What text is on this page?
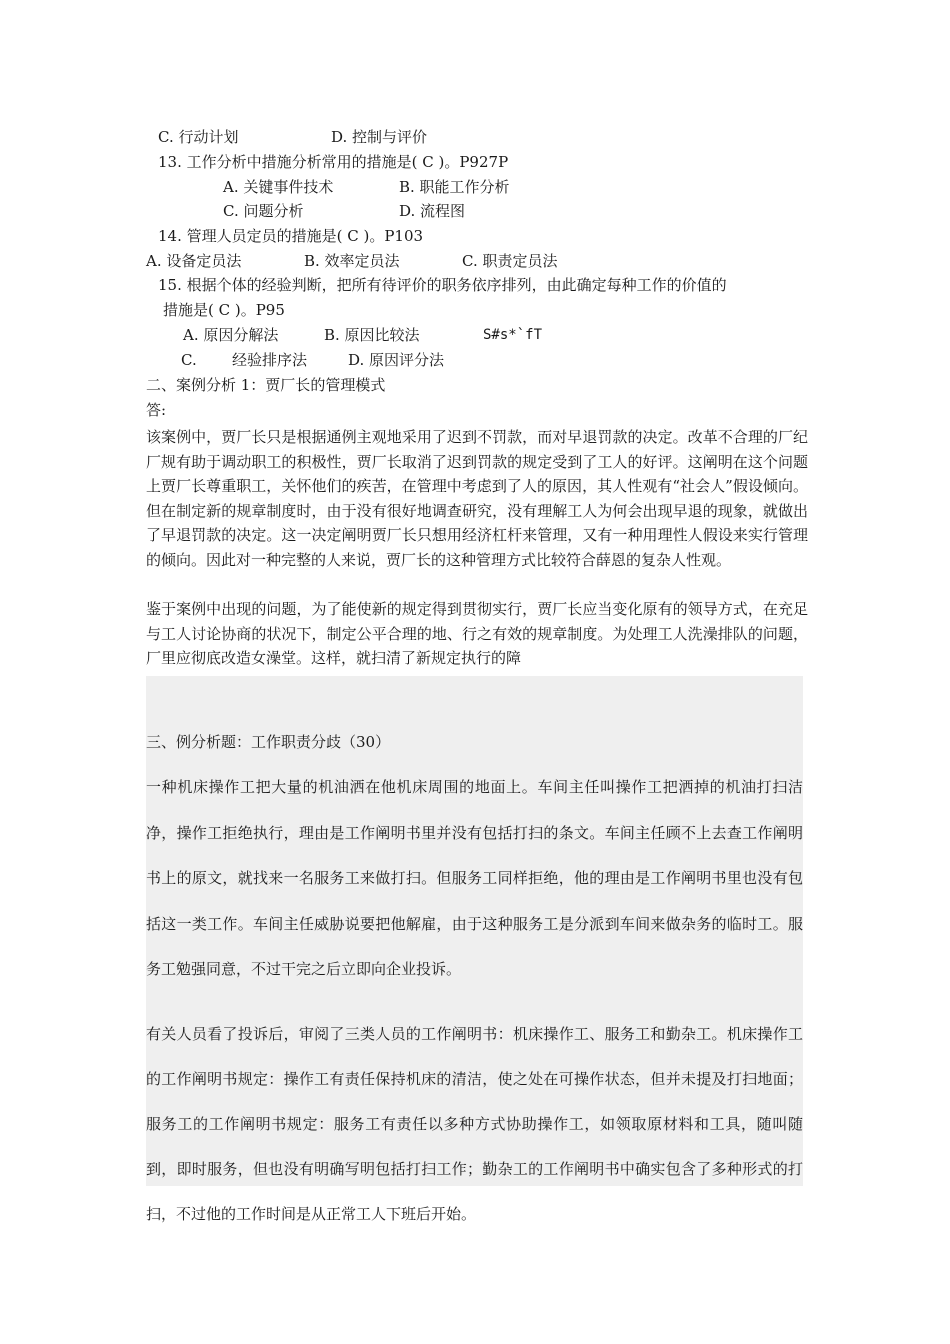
C. 行动计划	D. 控制与评价
13. 工作分析中措施分析常用的措施是( C )。P927P
A. 关键事件技术	B. 职能工作分析
C. 问题分析	D. 流程图
14. 管理人员定员的措施是( C )。P103
A. 设备定员法	B. 效率定员法	C. 职责定员法
15. 根据个体的经验判断，把所有待评价的职务依序排列，由此确定每种工作的价值的
措施是( C )。P95
A. 原因分解法	B. 原因比较法	S#s*`fT
C. 经验排序法	D. 原因评分法
二、案例分析 1：贾厂长的管理模式
答:
该案例中，贾厂长只是根据通例主观地采用了迟到不罚款，而对早退罚款的决定。改革不合理的厂纪厂规有助于调动职工的积极性，贾厂长取消了迟到罚款的规定受到了工人的好评。这阐明在这个问题上贾厂长尊重职工，关怀他们的疾苦，在管理中考虑到了人的原因，其人性观有“社会人”假设倾向。但在制定新的规章制度时，由于没有很好地调查研究，没有理解工人为何会出现早退的现象，就做出了早退罚款的决定。这一决定阐明贾厂长只想用经济杠杆来管理，又有一种用理性人假设来实行管理的倾向。因此对一种完整的人来说，贾厂长的这种管理方式比较符合薛恩的复杂人性观。
鉴于案例中出现的问题，为了能使新的规定得到贯彻实行，贾厂长应当变化原有的领导方式，在充足与工人讨论协商的状况下，制定公平合理的地、行之有效的规章制度。为处理工人洗澡排队的问题，厂里应彻底改造女澡堂。这样，就扫清了新规定执行的障
三、例分析题：工作职责分歧（30）
一种机床操作工把大量的机油洒在他机床周围的地面上。车间主任叫操作工把洒掉的机油打扫洁净，操作工拒绝执行，理由是工作阐明书里并没有包括打扫的条文。车间主任顾不上去查工作阐明书上的原文，就找来一名服务工来做打扫。但服务工同样拒绝，他的理由是工作阐明书里也没有包括这一类工作。车间主任威胁说要把他解雇，由于这种服务工是分派到车间来做杂务的临时工。服务工勉强同意，不过干完之后立即向企业投诉。
有关人员看了投诉后，审阅了三类人员的工作阐明书：机床操作工、服务工和勤杂工。机床操作工的工作阐明书规定：操作工有责任保持机床的清洁，使之处在可操作状态，但并未提及打扫地面；服务工的工作阐明书规定：服务工有责任以多种方式协助操作工，如领取原材料和工具，随叫随到，即时服务，但也没有明确写明包括打扫工作；勤杂工的工作阐明书中确实包含了多种形式的打扫，不过他的工作时间是从正常工人下班后开始。
